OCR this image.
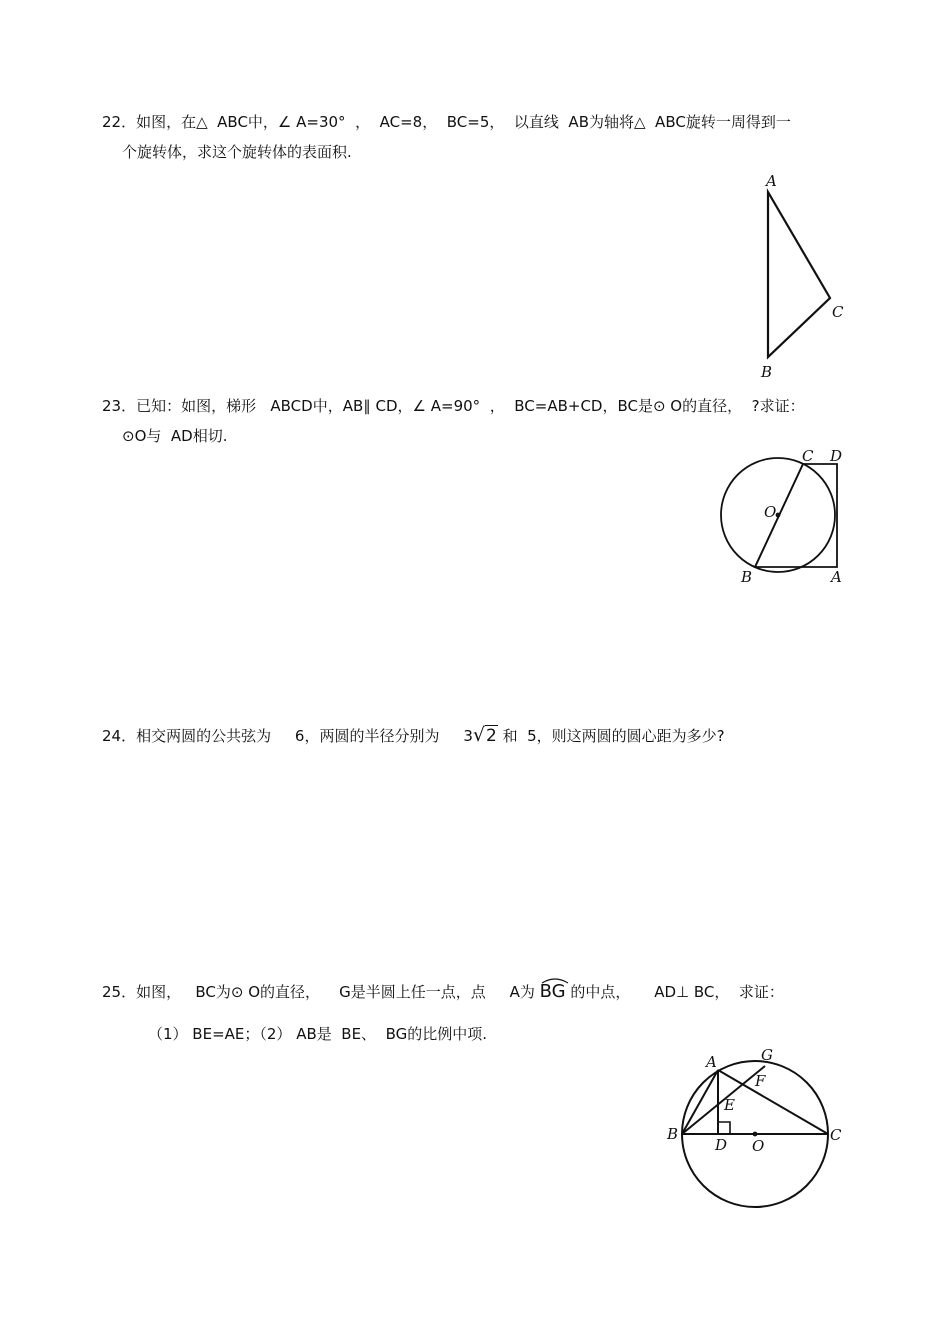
22．如图，在△  ABC中，∠ A=30°  ，  AC=8，  BC=5，  以直线  AB为轴将△  ABC旋转一周得到一
个旋转体，求这个旋转体的表面积.
A
B
C
23．已知：如图，梯形   ABCD中，AB∥ CD，∠ A=90°  ，  BC=AB+CD，BC是⊙ O的直径，  ?求证：
⊙O与  AD相切.
C D
O
B	A
24．相交两圆的公共弦为     6，两圆的半径分别为     3√2 和  5，则这两圆的圆心距为多少?
25．如图，   BC为⊙ O的直径，    G是半圆上任一点，点     A为
BG 的中点，     AD⊥ BC，  求证：
（1） BE=AE；（2） AB是  BE、  BG的比例中项.
A	G
F
E
B
D O
C
